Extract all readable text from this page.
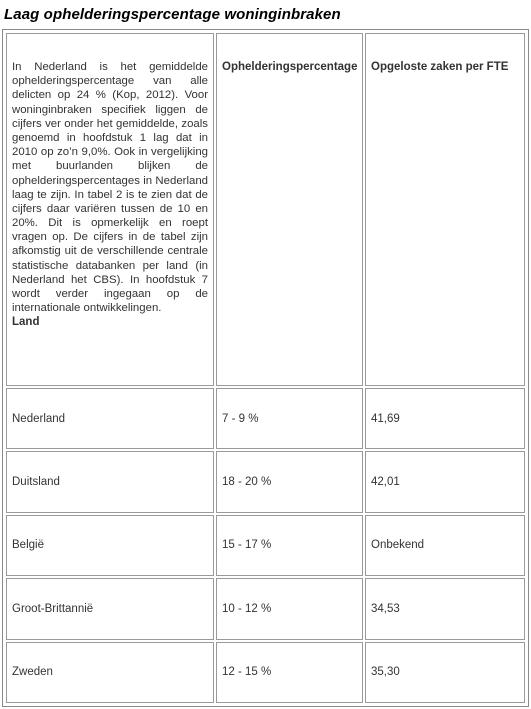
Laag ophelderingspercentage woninginbraken
In Nederland is het gemiddelde ophelderingspercentage van alle delicten op 24 % (Kop, 2012). Voor woninginbraken specifiek liggen de cijfers ver onder het gemiddelde, zoals genoemd in hoofdstuk 1 lag dat in 2010 op zo’n 9,0%. Ook in vergelijking met buurlanden blijken de ophelderingspercentages in Nederland laag te zijn. In tabel 2 is te zien dat de cijfers daar variëren tussen de 10 en 20%. Dit is opmerkelijk en roept vragen op. De cijfers in de tabel zijn afkomstig uit de verschillende centrale statistische databanken per land (in Nederland het CBS). In hoofdstuk 7 wordt verder ingegaan op de internationale ontwikkelingen.
Land	Ophelderingspercentage	Opgeloste zaken per FTE

Nederland	7 - 9 %	41,69
Duitsland	18 - 20 %	42,01
België	15 - 17 %	Onbekend
Groot-Brittannië	10 - 12 %	34,53
Zweden	12 - 15 %	35,30
